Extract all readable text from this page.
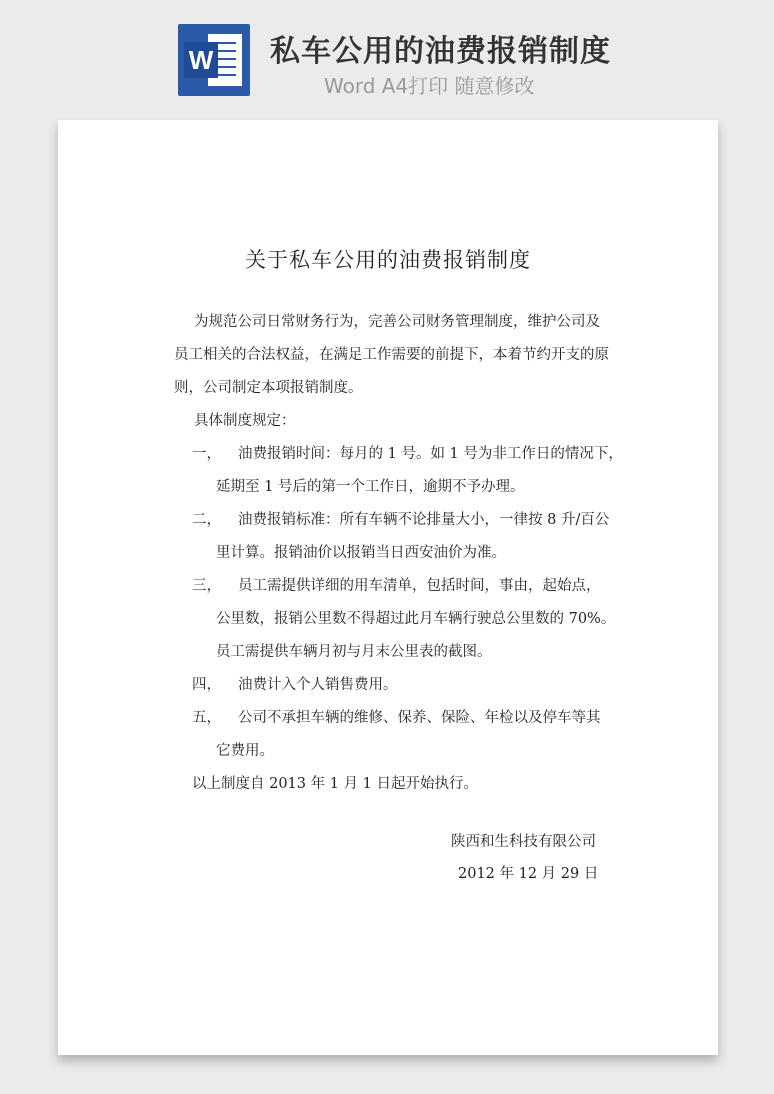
W 私车公用的油费报销制度
Word A4打印 随意修改
关于私车公用的油费报销制度
为规范公司日常财务行为，完善公司财务管理制度，维护公司及
员工相关的合法权益，在满足工作需要的前提下，本着节约开支的原
则，公司制定本项报销制度。
具体制度规定：
一， 油费报销时间：每月的 1 号。如 1 号为非工作日的情况下，
延期至 1 号后的第一个工作日，逾期不予办理。
二， 油费报销标准：所有车辆不论排量大小，一律按 8 升/百公
里计算。报销油价以报销当日西安油价为准。
三， 员工需提供详细的用车清单，包括时间，事由，起始点，
公里数，报销公里数不得超过此月车辆行驶总公里数的 70%。
员工需提供车辆月初与月末公里表的截图。
四， 油费计入个人销售费用。
五， 公司不承担车辆的维修、保养、保险、年检以及停车等其
它费用。
以上制度自 2013 年 1 月 1 日起开始执行。
陕西和生科技有限公司
2012 年 12 月 29 日
